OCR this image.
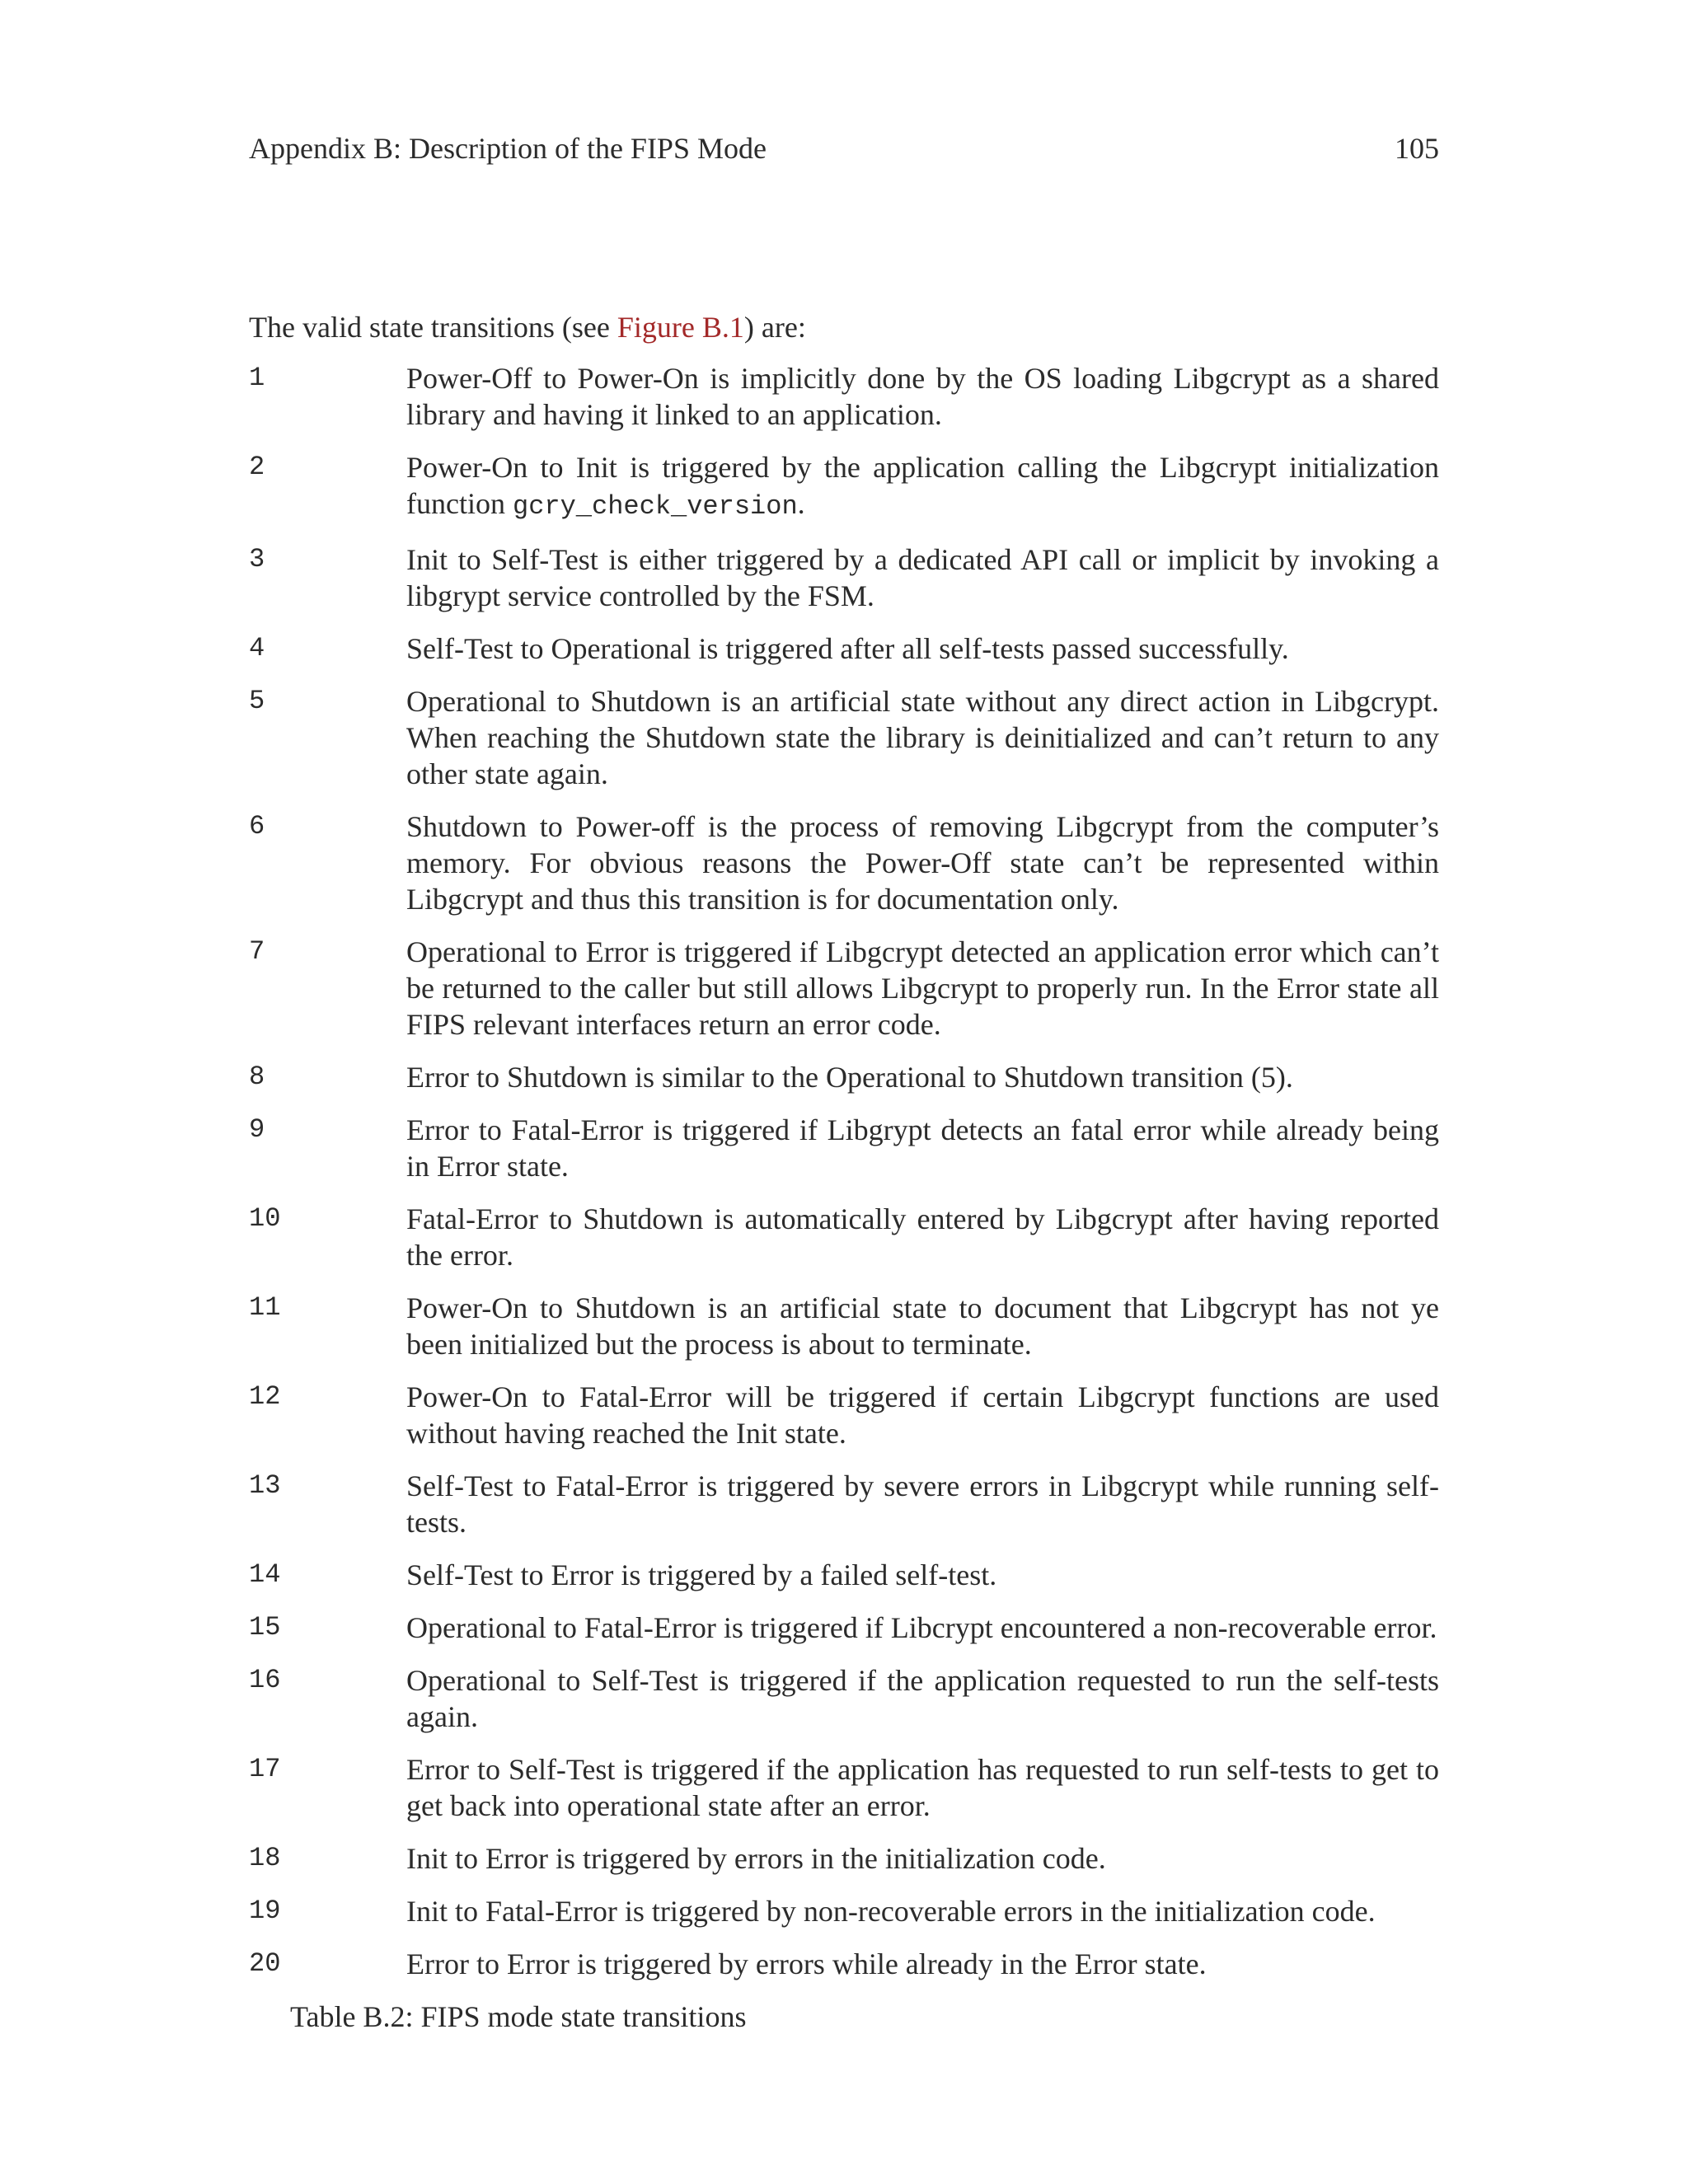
Appendix B: Description of the FIPS Mode	105

The valid state transitions (see Figure B.1) are:

1	Power-Off to Power-On is implicitly done by the OS loading Libgcrypt as a shared library and having it linked to an application.
2	Power-On to Init is triggered by the application calling the Libgcrypt initialization function gcry_check_version.
3	Init to Self-Test is either triggered by a dedicated API call or implicit by invoking a libgrypt service controlled by the FSM.
4	Self-Test to Operational is triggered after all self-tests passed successfully.
5	Operational to Shutdown is an artificial state without any direct action in Libgcrypt. When reaching the Shutdown state the library is deinitialized and can’t return to any other state again.
6	Shutdown to Power-off is the process of removing Libgcrypt from the computer’s memory. For obvious reasons the Power-Off state can’t be represented within Libgcrypt and thus this transition is for documentation only.
7	Operational to Error is triggered if Libgcrypt detected an application error which can’t be returned to the caller but still allows Libgcrypt to properly run. In the Error state all FIPS relevant interfaces return an error code.
8	Error to Shutdown is similar to the Operational to Shutdown transition (5).
9	Error to Fatal-Error is triggered if Libgrypt detects an fatal error while already being in Error state.
10	Fatal-Error to Shutdown is automatically entered by Libgcrypt after having reported the error.
11	Power-On to Shutdown is an artificial state to document that Libgcrypt has not ye been initialized but the process is about to terminate.
12	Power-On to Fatal-Error will be triggered if certain Libgcrypt functions are used without having reached the Init state.
13	Self-Test to Fatal-Error is triggered by severe errors in Libgcrypt while running self-tests.
14	Self-Test to Error is triggered by a failed self-test.
15	Operational to Fatal-Error is triggered if Libcrypt encountered a non-recoverable error.
16	Operational to Self-Test is triggered if the application requested to run the self-tests again.
17	Error to Self-Test is triggered if the application has requested to run self-tests to get to get back into operational state after an error.
18	Init to Error is triggered by errors in the initialization code.
19	Init to Fatal-Error is triggered by non-recoverable errors in the initialization code.
20	Error to Error is triggered by errors while already in the Error state.
Table B.2: FIPS mode state transitions
